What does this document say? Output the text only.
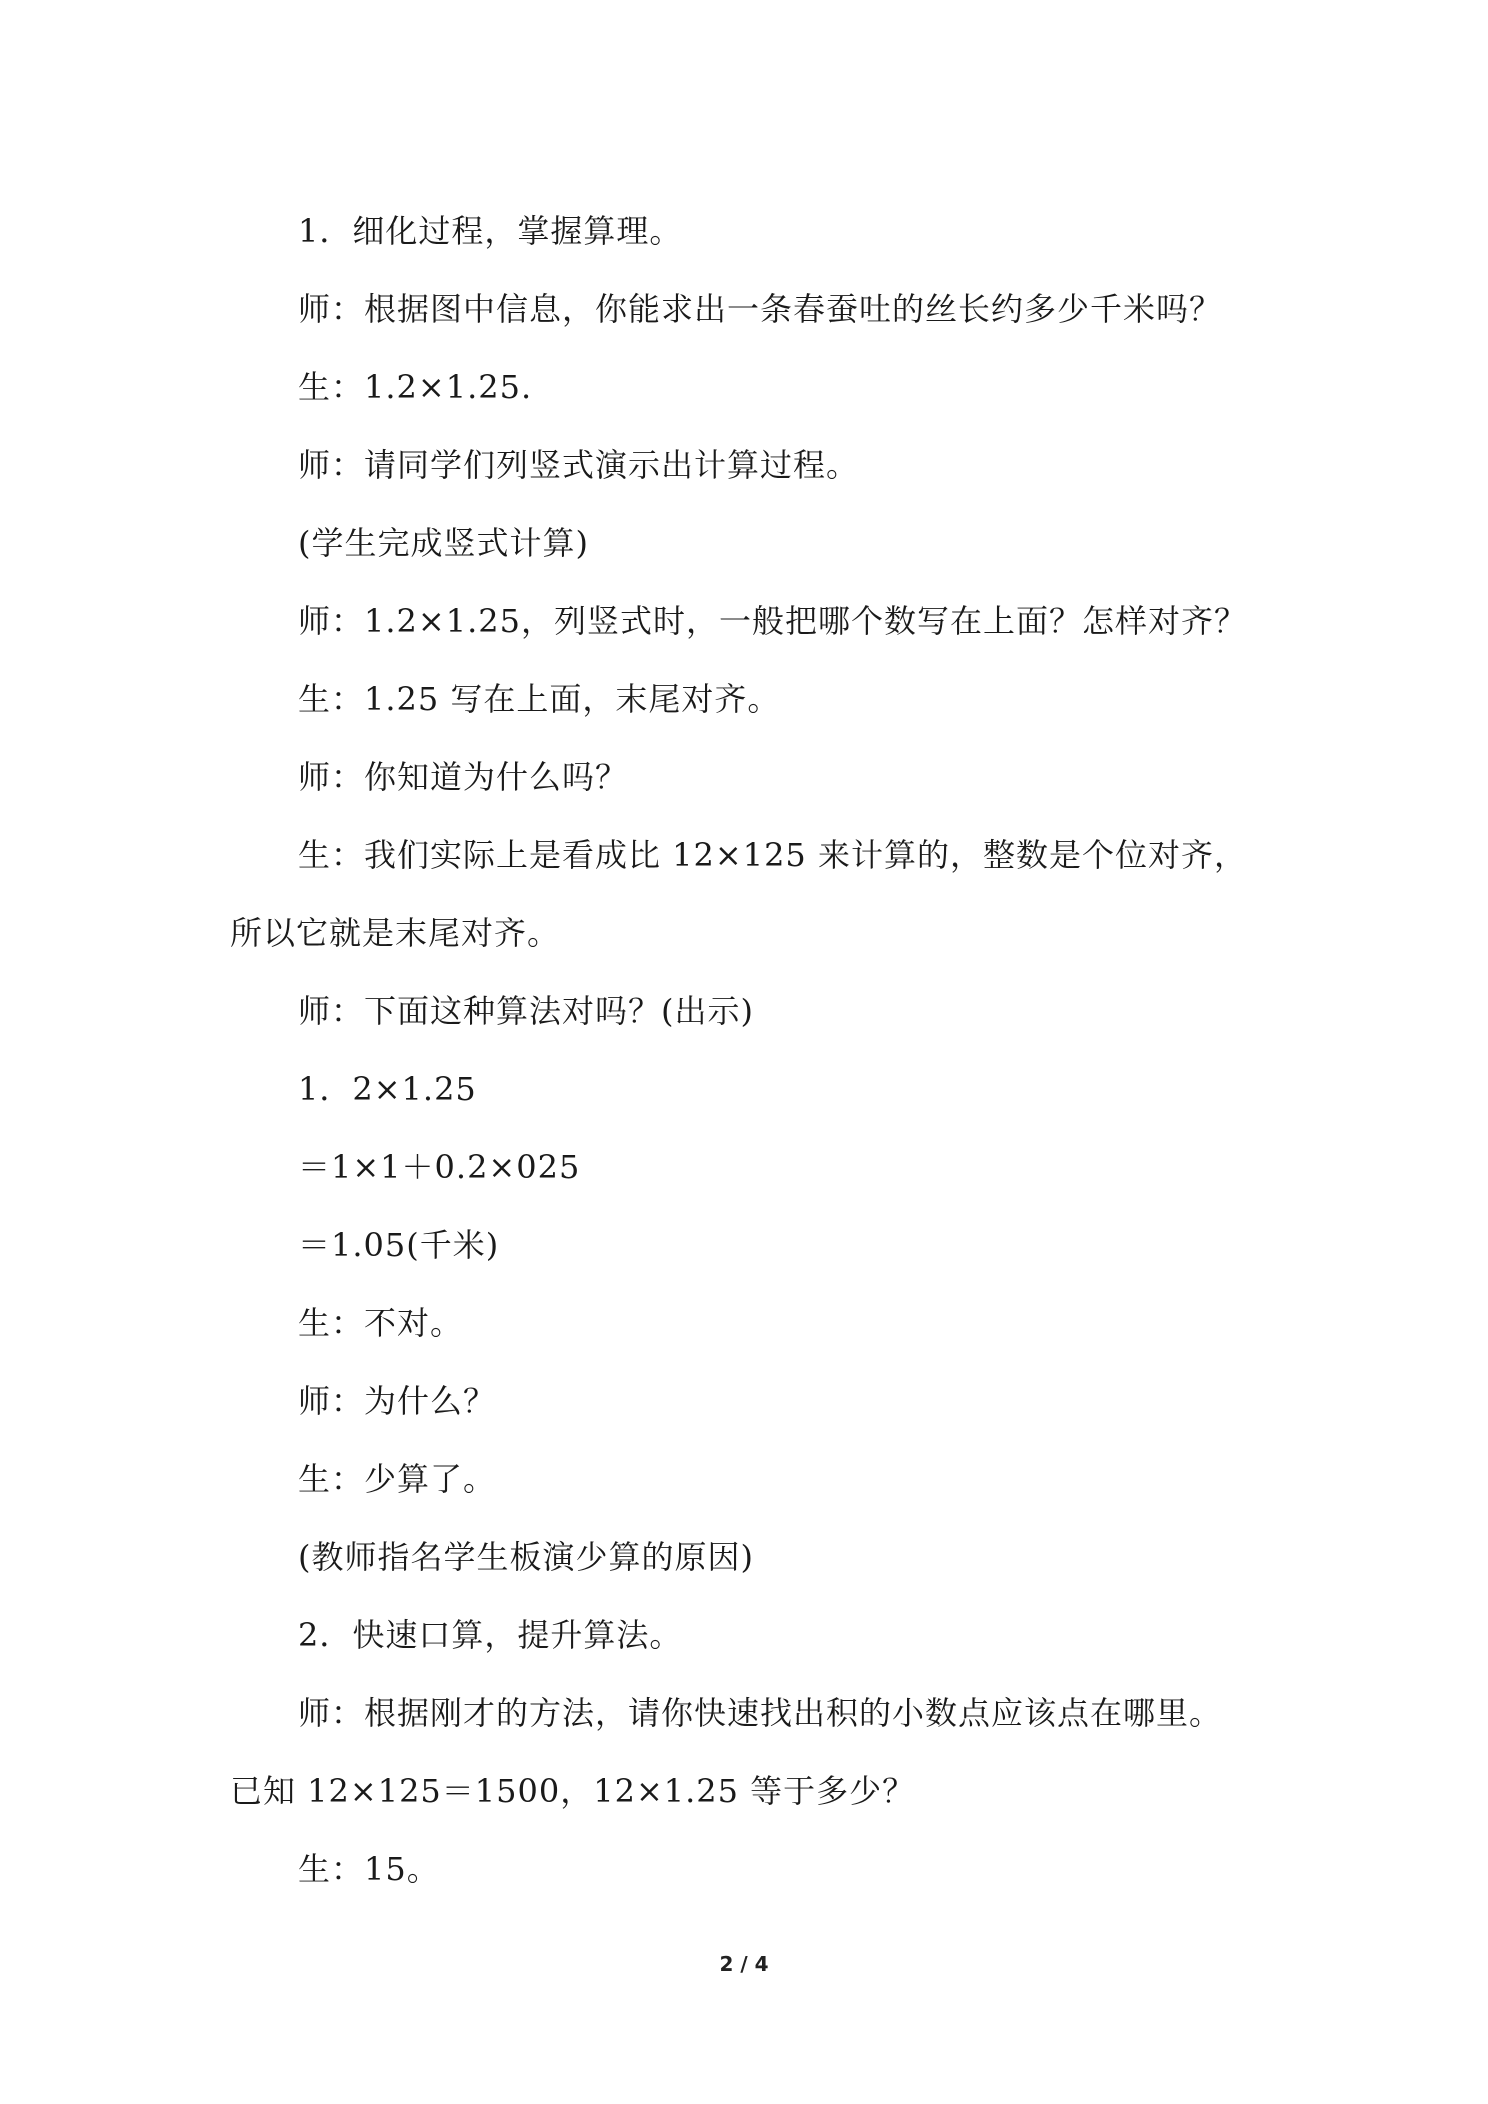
1．细化过程，掌握算理。
师：根据图中信息，你能求出一条春蚕吐的丝长约多少千米吗？
生：1.2×1.25.
师：请同学们列竖式演示出计算过程。
(学生完成竖式计算)
师：1.2×1.25，列竖式时，一般把哪个数写在上面？怎样对齐？
生：1.25 写在上面，末尾对齐。
师：你知道为什么吗？
生：我们实际上是看成比 12×125 来计算的，整数是个位对齐，
所以它就是末尾对齐。
师：下面这种算法对吗？(出示)
1．2×1.25
＝1×1＋0.2×025
＝1.05(千米)
生：不对。
师：为什么？
生：少算了。
(教师指名学生板演少算的原因)
2．快速口算，提升算法。
师：根据刚才的方法，请你快速找出积的小数点应该点在哪里。
已知 12×125＝1500，12×1.25 等于多少？
生：15。
2 / 4
